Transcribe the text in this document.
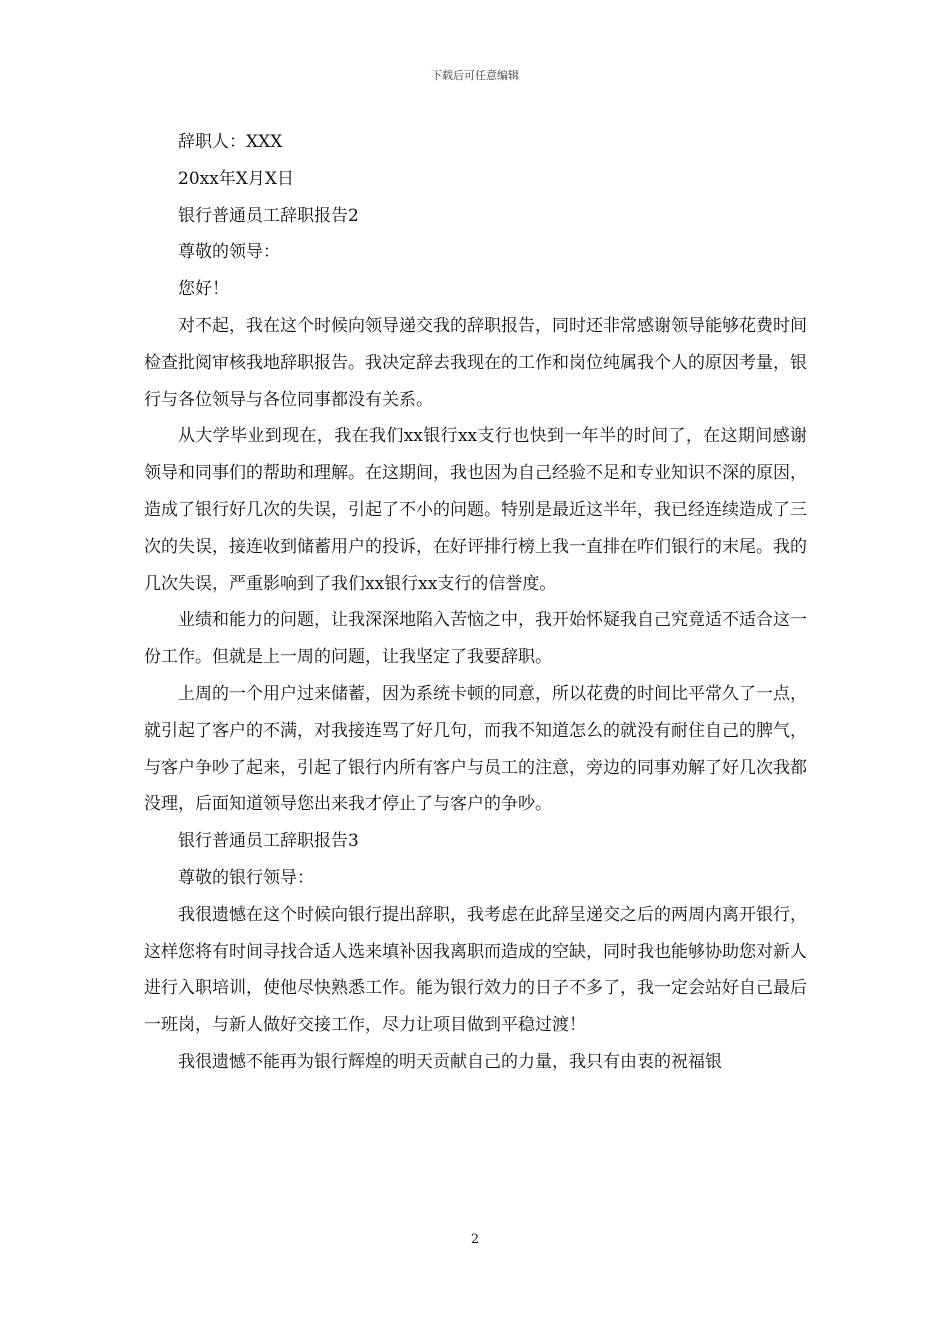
下载后可任意编辑

辞职人：XXX

20xx年X月X日

银行普通员工辞职报告2

尊敬的领导：

您好！

对不起，我在这个时候向领导递交我的辞职报告，同时还非常感谢领导能够花费时间检查批阅审核我地辞职报告。我决定辞去我现在的工作和岗位纯属我个人的原因考量，银行与各位领导与各位同事都没有关系。

从大学毕业到现在，我在我们xx银行xx支行也快到一年半的时间了，在这期间感谢领导和同事们的帮助和理解。在这期间，我也因为自己经验不足和专业知识不深的原因，造成了银行好几次的失误，引起了不小的问题。特别是最近这半年，我已经连续造成了三次的失误，接连收到储蓄用户的投诉，在好评排行榜上我一直排在咋们银行的末尾。我的几次失误，严重影响到了我们xx银行xx支行的信誉度。

业绩和能力的问题，让我深深地陷入苦恼之中，我开始怀疑我自己究竟适不适合这一份工作。但就是上一周的问题，让我坚定了我要辞职。

上周的一个用户过来储蓄，因为系统卡顿的同意，所以花费的时间比平常久了一点，就引起了客户的不满，对我接连骂了好几句，而我不知道怎么的就没有耐住自己的脾气，与客户争吵了起来，引起了银行内所有客户与员工的注意，旁边的同事劝解了好几次我都没理，后面知道领导您出来我才停止了与客户的争吵。

银行普通员工辞职报告3

尊敬的银行领导：

我很遗憾在这个时候向银行提出辞职，我考虑在此辞呈递交之后的两周内离开银行，这样您将有时间寻找合适人选来填补因我离职而造成的空缺，同时我也能够协助您对新人进行入职培训，使他尽快熟悉工作。能为银行效力的日子不多了，我一定会站好自己最后一班岗，与新人做好交接工作，尽力让项目做到平稳过渡！

我很遗憾不能再为银行辉煌的明天贡献自己的力量，我只有由衷的祝福银

2
